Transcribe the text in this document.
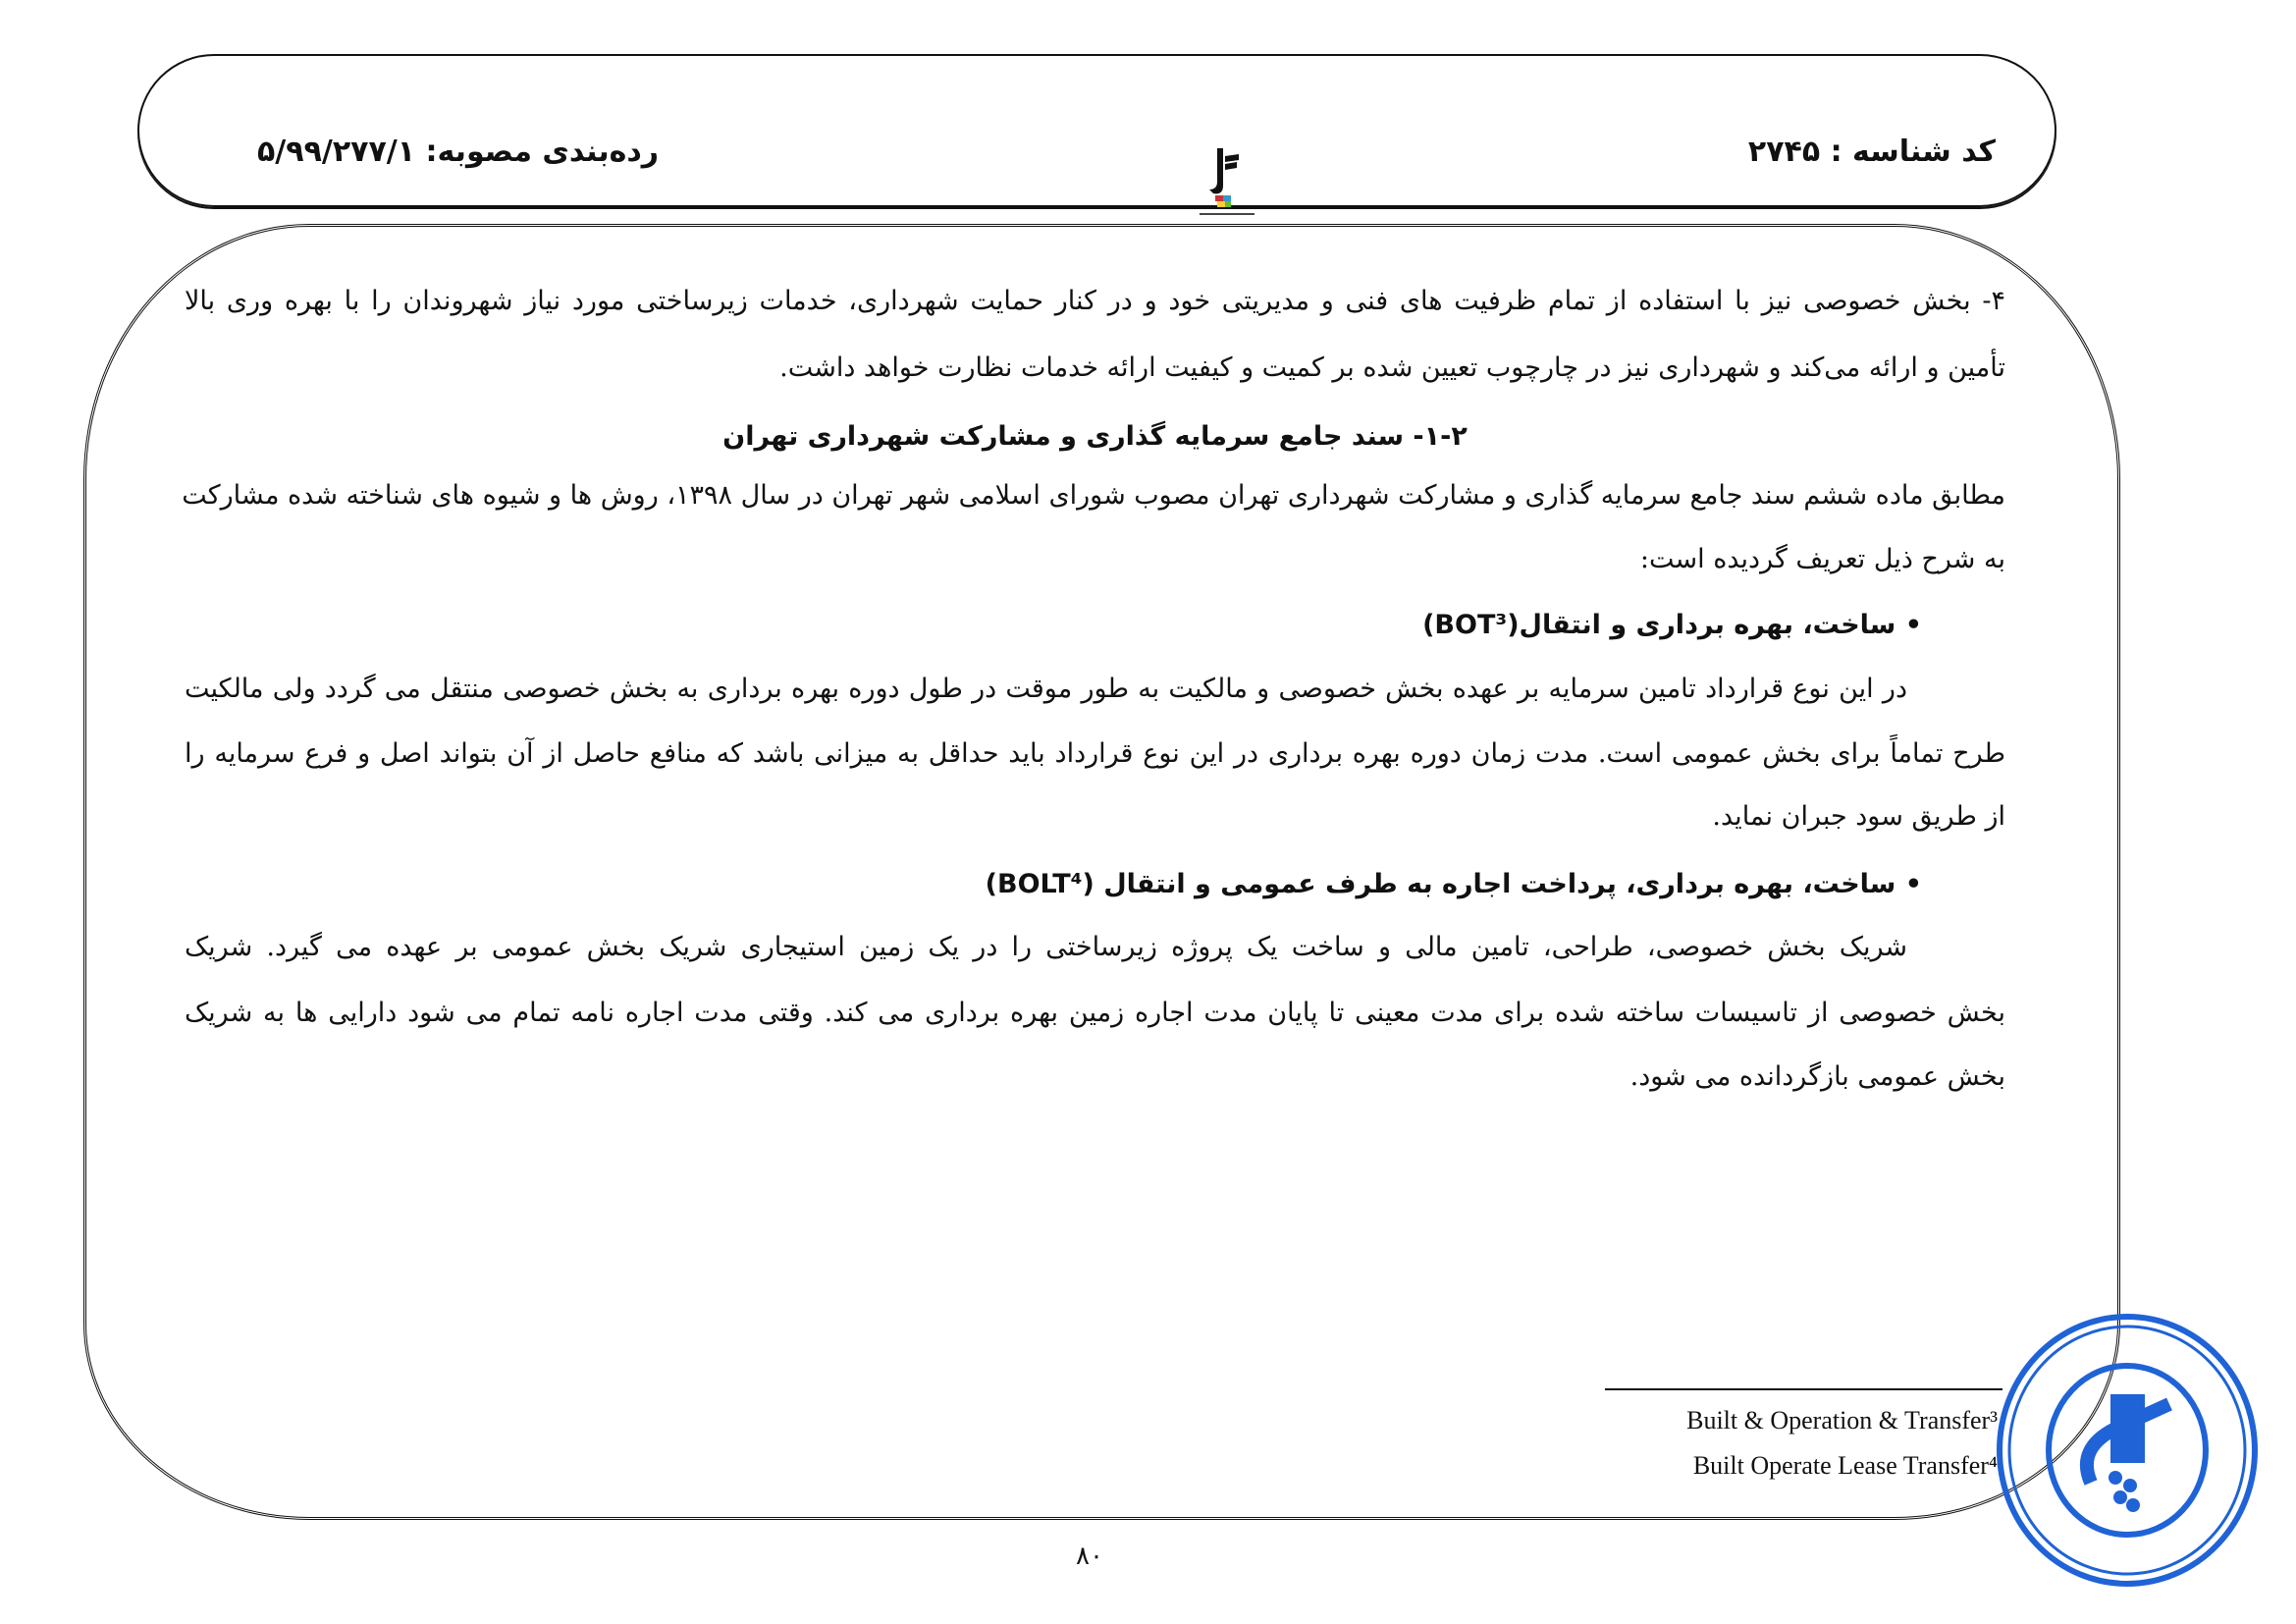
کد شناسه : ۲۷۴۵
رده‌بندی مصوبه: ۵/۹۹/۲۷۷/۱
۴- بخش خصوصی نیز با استفاده از تمام ظرفیت های فنی و مدیریتی خود و در کنار حمایت شهرداری، خدمات زیرساختی مورد نیاز شهروندان را با بهره وری بالا
تأمین و ارائه می‌کند و شهرداری نیز در چارچوب تعیین شده بر کمیت و کیفیت ارائه خدمات نظارت خواهد داشت.
۱-۲- سند جامع سرمایه گذاری و مشارکت شهرداری تهران
مطابق ماده ششم سند جامع سرمایه گذاری و مشارکت شهرداری تهران مصوب شورای اسلامی شهر تهران در سال ۱۳۹۸، روش ها و شیوه های شناخته شده مشارکت
به شرح ذیل تعریف گردیده است:
• ساخت، بهره برداری و انتقال(BOT³)
در این نوع قرارداد تامین سرمایه بر عهده بخش خصوصی و مالکیت به طور موقت در طول دوره بهره برداری به بخش خصوصی منتقل می گردد ولی مالکیت
طرح تماماً برای بخش عمومی است. مدت زمان دوره بهره برداری در این نوع قرارداد باید حداقل به میزانی باشد که منافع حاصل از آن بتواند اصل و فرع سرمایه را
از طریق سود جبران نماید.
• ساخت، بهره برداری، پرداخت اجاره به طرف عمومی و انتقال (BOLT⁴)
شریک بخش خصوصی، طراحی، تامین مالی و ساخت یک پروژه زیرساختی را در یک زمین استیجاری شریک بخش عمومی بر عهده می گیرد. شریک
بخش خصوصی از تاسیسات ساخته شده برای مدت معینی تا پایان مدت اجاره زمین بهره برداری می کند. وقتی مدت اجاره نامه تمام می شود دارایی ها به شریک
بخش عمومی بازگردانده می شود.
Built & Operation & Transfer³
Built Operate Lease Transfer⁴
۸۰
